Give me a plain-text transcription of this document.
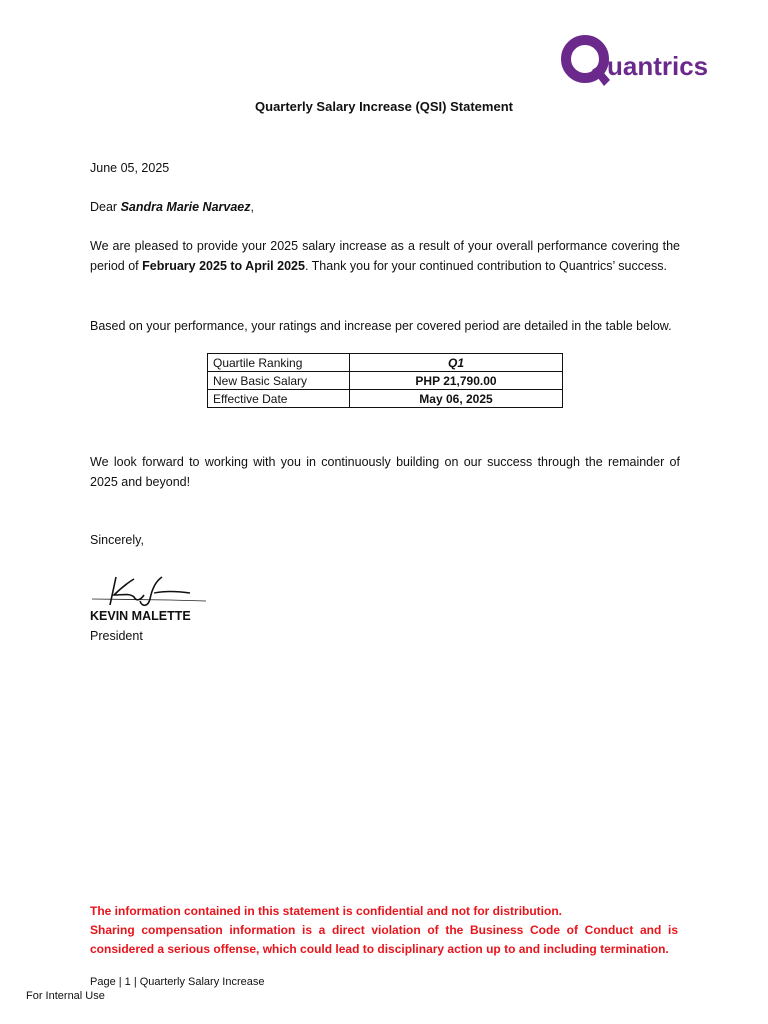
uantrics
Quarterly Salary Increase (QSI) Statement
June 05, 2025
Dear Sandra Marie Narvaez,
We are pleased to provide your 2025 salary increase as a result of your overall performance covering the period of February 2025 to April 2025. Thank you for your continued contribution to Quantrics’ success.
Based on your performance, your ratings and increase per covered period are detailed in the table below.
Quartile Ranking	Q1
New Basic Salary	PHP 21,790.00
Effective Date	May 06, 2025
We look forward to working with you in continuously building on our success through the remainder of 2025 and beyond!
Sincerely,
KEVIN MALETTE
President
The information contained in this statement is confidential and not for distribution.
Sharing compensation information is a direct violation of the Business Code of Conduct and is considered a serious offense, which could lead to disciplinary action up to and including termination.
Page | 1 | Quarterly Salary Increase
For Internal Use
